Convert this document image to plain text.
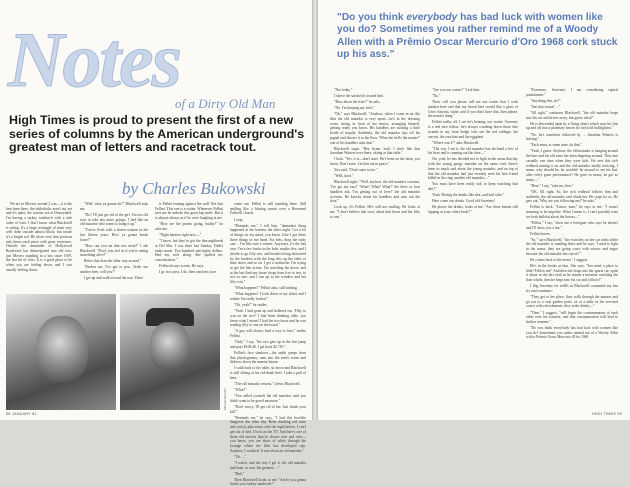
Notes
of a Dirty Old Man
High Times is proud to present the first of a new series of columns by the American underground's greatest man of letters and racetrack tout.
by Charles Bukowski

We are in Mexico around 2 a.m.—it is the best time there, the tablecloths aren't out yet and it's quiet; the tourists are at Disneyland. I'm having a turkey sandwich with a side order of fries. I don't know what Blackwell is eating. It's a large rectangle of meat very well done outside almost black; but inside it's a bright red. He slices very thin portions and chews each piece with great reverence. Outside the remainder of Hollywood Boulevard has disintegrated into old row; just Mosers standing in a bus since 1959, the last bit of class. It is a good place to be when you are feeling down, and I was usually feeling down.

"Well, what ya gonna do?" Blackwell asks me.

"Do? I'll just get rid of the girl. I'm too old now to take any more goings. I feel like an old matador who wants to hang it up."

"You've lived with a dozen women in the last fifteen years. How ya gonna break loose?"

"How can you eat that raw meat?" I ask Blackwell. "Don't you feel as if you're eating something alive?"

Better that than the other way around."

"Pardon me, I've got to piss. Order me another beer, will you?"

I get up and walk toward the rear. There

is Fellini leaning against the wall. Not that Fellini. This one is a waiter. Whenever Fellini sees me he unbolts this great big smile. But it is almost always as if he were laughing at me.

"How are the ponies going, buddy?" he asks me.

"Night harness right now—"

"I know, but they've got the thoroughbreds at Del Mar. I was there last Sunday. Didn't make much. Two hundred and eighty dollars. Had my wife along. She spoiled my concentration."

Fellini always scores. He says.

I go in to piss. I do, then wash my face.

come out. Fellini is still standing there. Still smiling like a blazing sunset over a Beverend Fullwell church.

I stop.

"Reminds me," I tell him, "damndest thing happened at the harness the other night. Got a lot of things on my mind, you know. Like I got these three things in my head. Six bets, drop the early one ... I'm like sure a winner. Anyways, it's the last race. I'm a few bucks in the hole, maybe five, and I decide to go fifty win, and besides being distracted by the hookers with the long slits up the sides of their skirts and so on. I get a toothache. I'm trying to get the late action. I'm watching the horse, and at the last flash my horse drops from five to two, to two to one, and I run up to the window and bet fifty win."

"What happens?" Fellini asks, still smiling.

"What happens? I look down at my ticket and I realize I'm really fucked."

"Oh, yeah?" he smiles.

"Yeah. I had gone up and hollered out, 'Fifty to win on the two!' I had been thinking odds, you know what I mean? I had the two horse and he was reading fifty to one on the board."

"A guy will always find a way to lose," smiles Fellini.

"Only," I say, "the two gets up in the last jump and pays $106.40. I get back $2,710."

Fellini's face shadows—the smile jumps from that physiognomy, runs into the men's room and delivers down the nearest latrine.

I walk back to the table, sit down and Blackwell is still slicing at his red-death beef. I take a pull of beer.

"The old matador returns," chews Blackwell.

"What?"

"You called yourself the old matador, said you didn't want to be gored anymore."

"Don't worry, I'll get rid of her. Just finish your kill."

"Reminds me," he says, "I had this horrible hangover the other day. Been drinking red wine and scotch, plus some coke the night before. I can't get out of bed. I lock on the TV. And here's one of those old movies they've shown over and over—you know, you see shots of white through the footage where the film has developed rips. Anyhow, I watched. It was about an old matador."

"Uh. ..."

"I watch, and the way I get it, the old matador had been, or was, the greatest. ..."

"Huh."

Then Blackwell looks at me: "Aren't you gonna finish your turkey sandwich?"

Michael Montfort
58 JANUARY 81
"Do you think everybody has bad luck with women like you do? Sometimes you rather remind me of a Woody Allen with a Prêmio Oscar Mercurio d'Oro 1968 cork stuck up his ass."

"Not today."

I shove the sandwich toward him.

"How about the fries?" he asks.

"No. I'm keeping my fries."

"Ok," says Blackwell, "Anyhow, when I come in on this film the old matador is very upset—he's in the dressing room, sitting in front of the mirror, arranging himself, getting ready you know. His handlers are sucking a little bottle of tequila. Suddenly, the old matador rips off his pigtail and throws it to the floor. 'What the hell's the matter?' one of his handlers asks him."

Blackwell stops. "Hey listen, look, I don't like that Jonathan Winters over there, sitting at that table."

I look. "Yes, it is—don't stare. He's been on the farm, you know. Don't stare. Let him eat in peace."

You said, "Don't stare twice."

"Well, don't."

Blackwell sighs. "Well, anyhow, the old matador screams, 'I've got my ears!' 'What? What? What?' the three or four handlers ask. 'I'm getting out of here!' the old matador screams. He knocks down his handlers and runs out the door."

Look up. It's Fellini. He's still not smiling. He looks at me. "I don't believe that story about that horse and the fifty to one."

"Are you our waiter?" I ask him.

"No."

Then, will you please call me our waiter that I wish another beer and that my friend here would like a glass of Cerro Sajonia, white, and if you don't have that, then please, the nearest thing."

Fellini walks off. I see he's beating, our waiter. Sweeney is a real nice fellow; he's always combing down those fine strands in my front hedge who see the red cabbage, the carrots, the zucchini and the eggplant.

"Where was I?" asks Blackwell.

"The way I see it, the old matador has declined a few of his beys and is running out the door—"

Oh, yeah, he has decided not to fight in the arena that day with the young gungy matador on the same card, there's been so much said about the young matador, and on top of that the old matador had just recently seen his best friend killed in the ring, another old matador—"

You must have been really sick to keep watching that shit?"

Yeah. Mixing the drinks like that, and bad coke."

Here come our drinks. Good old Sweeney!

He places the drinks, looks at me: "Are those beauts still nipping at your celery buds?"

"Evermore, Sweeney. I am considering capital punishment."

"Anything else, sir?"

"Just that sexual ... "

"All right," continues Blackwell, "the old matador leaps into his car and drives away, but guess what?"

He is descended upon by a flying object which runs his fins up and off into a planetary haven for tired old bullfighters."

"No, he's somehow followed by ... Jonathan Winters is leaving."

"Each must, at some time, do that."

"Yeah, I guess. Anyhow, the old matador is hanging around the bars and his old wine has been lingering around. They met casually one time when they were kids. He sees this rich redhead turning it on and the old matador hardly noticing. I mean, why should he, he wouldn't be around to see his last, after every great performance? He gave so many, he got so many—"

"Here," I say, "take my fries."

"OK. All right. So, the rich redhead follows him and suddenly, the old matador can't elude her. He stops for us. He gets out. 'Why are you following me?' he asks."

Fellini is back. "Listen, man," he says to me. "I wasn't meaning to be impolite. What I mean is, I can't possibly trust we both bullshit about the horses—"

"Fellini," I say, "show me a foreigner who says he doesn't and I'll show you a liar."

Fellini leaves.

"So," says Blackwell, "she switches on her car radio while the old matador is standing there and he says, 'I used to fight in the arena, they are going crazy with sorrow and anger because the old matador has run off.'"

He comes back to the arena." I suggest.

He's in the books at him. She says: 'You need a place to hide! Follow me!' And then she leaps into her sports car, spins it about in the dirt road as he stands a moment watching the dust whirls, then he leaps into his car and follows!"

I flag Sweeney for refills as Blackwell consumed my last fry and continues:

"They get to her place, they walk through the manses and go out to a vast garden patio, sit at a table in the serviced courts with refreshments, they order drinks—"

"Then," I suggest, "will begin the consummation of each other over his torment, and that consummation will lead to further torment."

"Do you think everybody has bad luck with women like you do? Sometimes you rather remind me of a Woody Allen with a Prêmio Oscar Mercurio d'Oro 1968

HIGH TIMES 59
